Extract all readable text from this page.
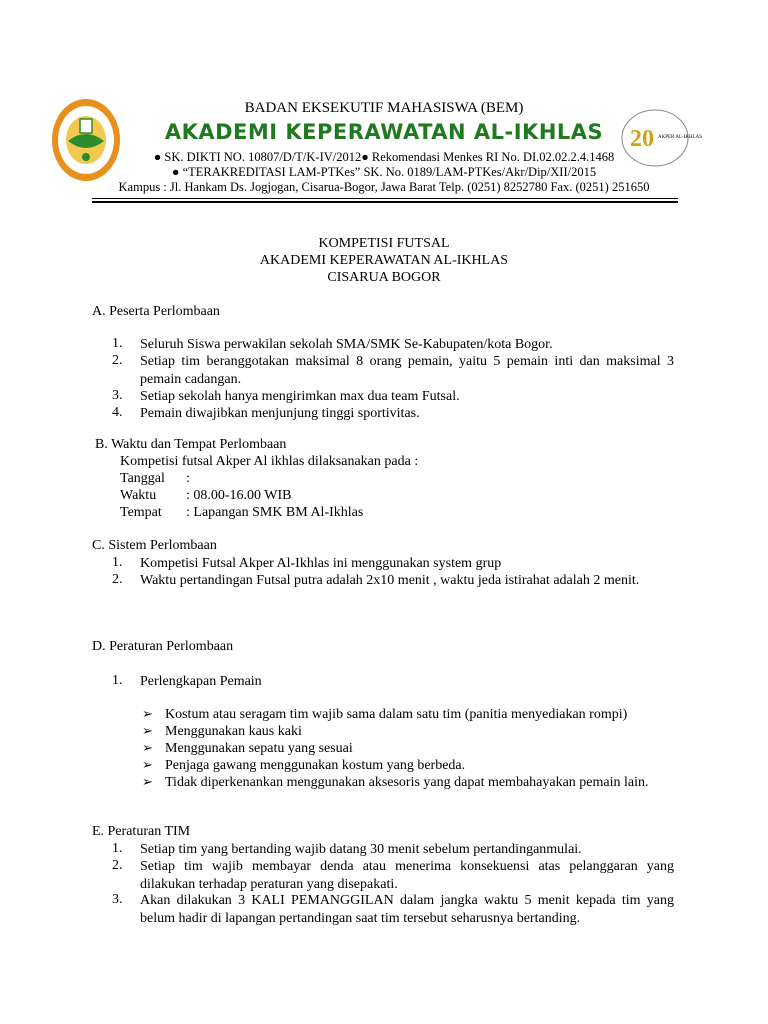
20 AKPER AL-IKHLAS
BADAN EKSEKUTIF MAHASISWA (BEM)
AKADEMI KEPERAWATAN AL-IKHLAS
● SK. DIKTI NO. 10807/D/T/K-IV/2012● Rekomendasi Menkes RI No. DI.02.02.2.4.1468
● “TERAKREDITASI LAM-PTKes” SK. No. 0189/LAM-PTKes/Akr/Dip/XII/2015
Kampus : Jl. Hankam Ds. Jogjogan, Cisarua-Bogor, Jawa Barat Telp. (0251) 8252780 Fax. (0251) 251650
KOMPETISI FUTSAL
AKADEMI KEPERAWATAN AL-IKHLAS
CISARUA BOGOR
A. Peserta Perlombaan
1. Seluruh Siswa perwakilan sekolah SMA/SMK Se-Kabupaten/kota Bogor.
2. Setiap tim beranggotakan maksimal 8 orang pemain, yaitu 5 pemain inti dan maksimal 3 pemain cadangan.
3. Setiap sekolah hanya mengirimkan max dua team Futsal.
4. Pemain diwajibkan menjunjung tinggi sportivitas.
B. Waktu dan Tempat Perlombaan
Kompetisi futsal Akper Al ikhlas dilaksanakan pada :
Tanggal :
Waktu : 08.00-16.00 WIB
Tempat : Lapangan SMK BM Al-Ikhlas
C. Sistem Perlombaan
1. Kompetisi Futsal Akper Al-Ikhlas ini menggunakan system grup
2. Waktu pertandingan Futsal putra adalah 2x10 menit , waktu jeda istirahat adalah 2 menit.
D. Peraturan Perlombaan
1. Perlengkapan Pemain
➢ Kostum atau seragam tim wajib sama dalam satu tim (panitia menyediakan rompi)
➢ Menggunakan kaus kaki
➢ Menggunakan sepatu yang sesuai
➢ Penjaga gawang menggunakan kostum yang berbeda.
➢ Tidak diperkenankan menggunakan aksesoris yang dapat membahayakan pemain lain.
E. Peraturan TIM
1. Setiap tim yang bertanding wajib datang 30 menit sebelum pertandinganmulai.
2. Setiap tim wajib membayar denda atau menerima konsekuensi atas pelanggaran yang dilakukan terhadap peraturan yang disepakati.
3. Akan dilakukan 3 KALI PEMANGGILAN dalam jangka waktu 5 menit kepada tim yang belum hadir di lapangan pertandingan saat tim tersebut seharusnya bertanding.
